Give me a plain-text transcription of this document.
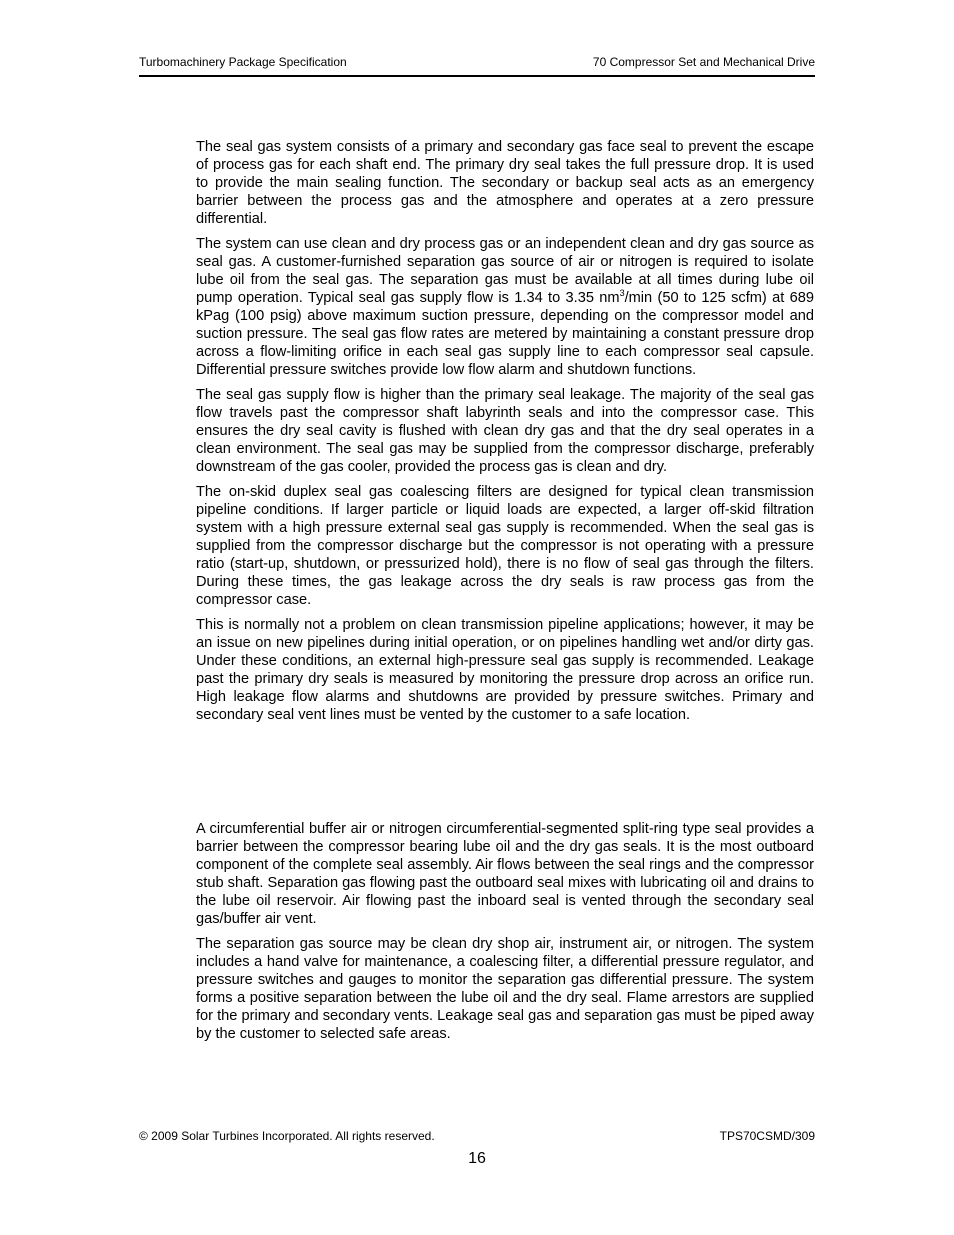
Turbomachinery Package Specification	70 Compressor Set and Mechanical Drive

The seal gas system consists of a primary and secondary gas face seal to prevent the escape of process gas for each shaft end. The primary dry seal takes the full pressure drop. It is used to provide the main sealing function. The secondary or backup seal acts as an emergency barrier between the process gas and the atmosphere and operates at a zero pressure differential.

The system can use clean and dry process gas or an independent clean and dry gas source as seal gas. A customer-furnished separation gas source of air or nitrogen is required to isolate lube oil from the seal gas. The separation gas must be available at all times during lube oil pump operation. Typical seal gas supply flow is 1.34 to 3.35 $nm^3/\min$ (50 to 125 scfm) at 689 kPag (100 psig) above maximum suction pressure, depending on the compressor model and suction pressure. The seal gas flow rates are metered by maintaining a constant pressure drop across a flow-limiting orifice in each seal gas supply line to each compressor seal capsule. Differential pressure switches provide low flow alarm and shutdown functions.

The seal gas supply flow is higher than the primary seal leakage. The majority of the seal gas flow travels past the compressor shaft labyrinth seals and into the compressor case. This ensures the dry seal cavity is flushed with clean dry gas and that the dry seal operates in a clean environment. The seal gas may be supplied from the compressor discharge, preferably downstream of the gas cooler, provided the process gas is clean and dry.

The on-skid duplex seal gas coalescing filters are designed for typical clean transmission pipeline conditions. If larger particle or liquid loads are expected, a larger off-skid filtration system with a high pressure external seal gas supply is recommended. When the seal gas is supplied from the compressor discharge but the compressor is not operating with a pressure ratio (start-up, shutdown, or pressurized hold), there is no flow of seal gas through the filters. During these times, the gas leakage across the dry seals is raw process gas from the compressor case.

This is normally not a problem on clean transmission pipeline applications; however, it may be an issue on new pipelines during initial operation, or on pipelines handling wet and/or dirty gas. Under these conditions, an external high-pressure seal gas supply is recommended. Leakage past the primary dry seals is measured by monitoring the pressure drop across an orifice run. High leakage flow alarms and shutdowns are provided by pressure switches. Primary and secondary seal vent lines must be vented by the customer to a safe location.

A circumferential buffer air or nitrogen circumferential-segmented split-ring type seal provides a barrier between the compressor bearing lube oil and the dry gas seals. It is the most outboard component of the complete seal assembly. Air flows between the seal rings and the compressor stub shaft. Separation gas flowing past the outboard seal mixes with lubricating oil and drains to the lube oil reservoir. Air flowing past the inboard seal is vented through the secondary seal gas/buffer air vent.

The separation gas source may be clean dry shop air, instrument air, or nitrogen. The system includes a hand valve for maintenance, a coalescing filter, a differential pressure regulator, and pressure switches and gauges to monitor the separation gas differential pressure. The system forms a positive separation between the lube oil and the dry seal. Flame arrestors are supplied for the primary and secondary vents. Leakage seal gas and separation gas must be piped away by the customer to selected safe areas.

© 2009 Solar Turbines Incorporated. All rights reserved.	TPS70CSMD/309
16
